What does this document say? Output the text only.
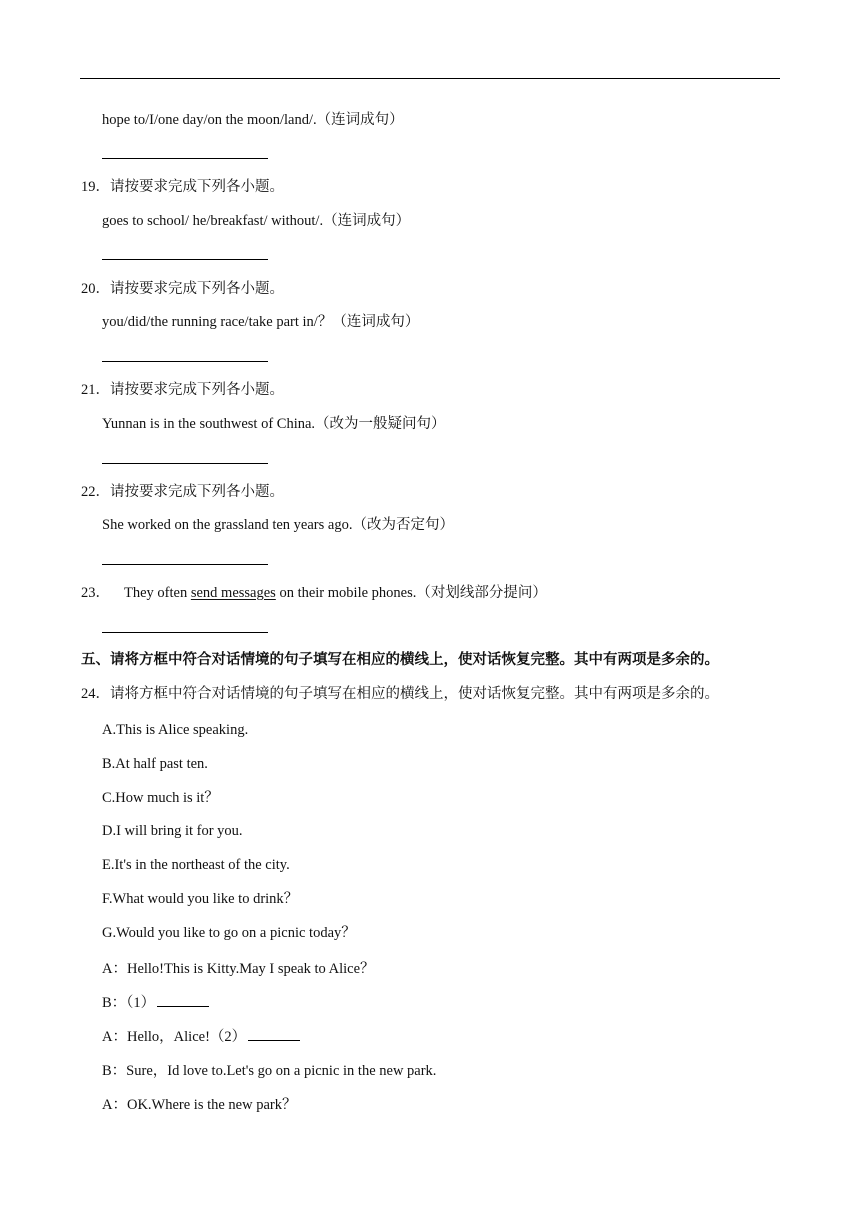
hope to/I/one day/on the moon/land/.（连词成句）
19．请按要求完成下列各小题。
goes to school/ he/breakfast/ without/.（连词成句）
20．请按要求完成下列各小题。
you/did/the running race/take part in/？（连词成句）
21．请按要求完成下列各小题。
Yunnan is in the southwest of China.（改为一般疑问句）
22．请按要求完成下列各小题。
She worked on the grassland ten years ago.（改为否定句）
23． They often send messages on their mobile phones.（对划线部分提问）
五、请将方框中符合对话情境的句子填写在相应的横线上，使对话恢复完整。其中有两项是多余的。
24．请将方框中符合对话情境的句子填写在相应的横线上，使对话恢复完整。其中有两项是多余的。
A.This is Alice speaking.
B.At half past ten.
C.How much is it？
D.I will bring it for you.
E.It's in the northeast of the city.
F.What would you like to drink？
G.Would you like to go on a picnic today？
A：Hello!This is Kitty.May I speak to Alice？
B：（1）
A：Hello，Alice!（2）
B：Sure，Id love to.Let's go on a picnic in the new park.
A：OK.Where is the new park？
